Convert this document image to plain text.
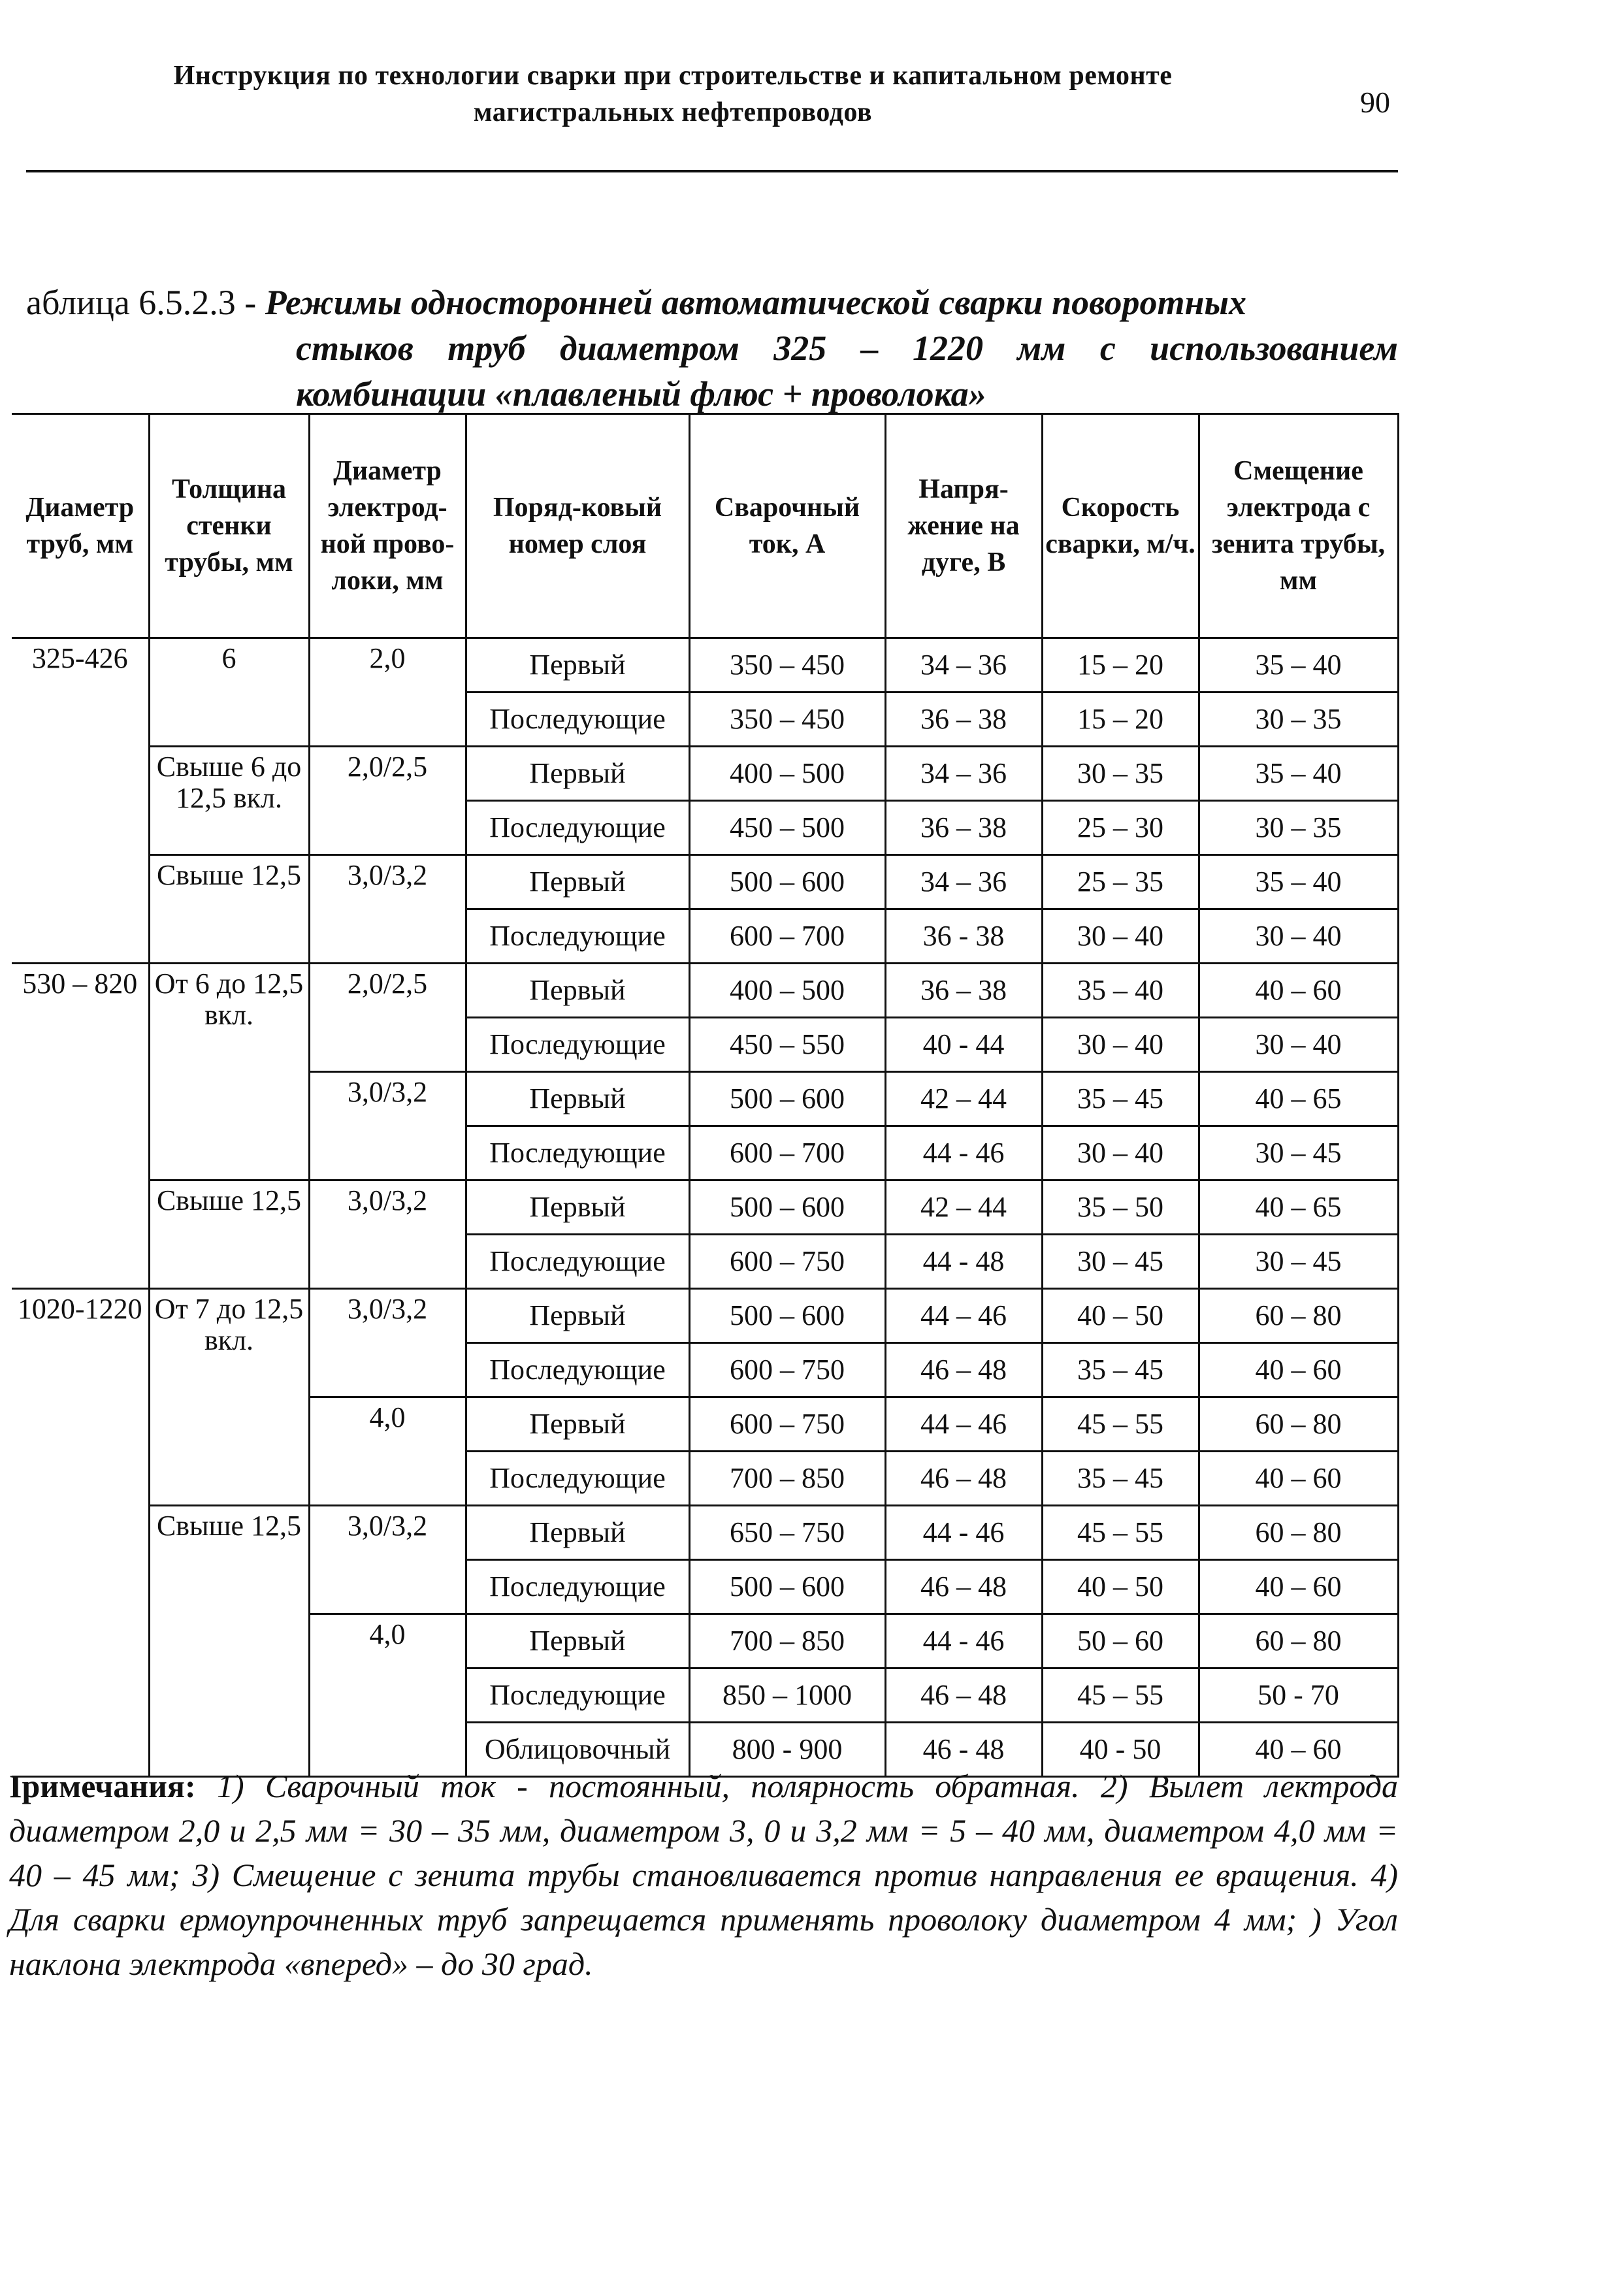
Инструкция по технологии сварки при строительстве и капитальном ремонте
магистральных нефтепроводов	90
аблица 6.5.2.3 - Режимы односторонней автоматической сварки поворотных
стыков труб диаметром 325 – 1220 мм с использованием
комбинации «плавленый флюс + проволока»
Диаметр труб, мм	Толщина стенки трубы, мм	Диаметр электрод-ной прово-локи, мм	Поряд-ковый номер слоя	Сварочный ток, А	Напря-жение на дуге, В	Скорость сварки, м/ч.	Смещение электрода с зенита трубы, мм
325-426	6	2,0	Первый	350 – 450	34 – 36	15 – 20	35 – 40
			Последующие	350 – 450	36 – 38	15 – 20	30 – 35
	Свыше 6 до 12,5 вкл.	2,0/2,5	Первый	400 – 500	34 – 36	30 – 35	35 – 40
			Последующие	450 – 500	36 – 38	25 – 30	30 – 35
	Свыше 12,5	3,0/3,2	Первый	500 – 600	34 – 36	25 – 35	35 – 40
			Последующие	600 – 700	36 - 38	30 – 40	30 – 40
530 – 820	От 6 до 12,5 вкл.	2,0/2,5	Первый	400 – 500	36 – 38	35 – 40	40 – 60
			Последующие	450 – 550	40 - 44	30 – 40	30 – 40
		3,0/3,2	Первый	500 – 600	42 – 44	35 – 45	40 – 65
			Последующие	600 – 700	44 - 46	30 – 40	30 – 45
	Свыше 12,5	3,0/3,2	Первый	500 – 600	42 – 44	35 – 50	40 – 65
			Последующие	600 – 750	44 - 48	30 – 45	30 – 45
1020-1220	От 7 до 12,5 вкл.	3,0/3,2	Первый	500 – 600	44 – 46	40 – 50	60 – 80
			Последующие	600 – 750	46 – 48	35 – 45	40 – 60
		4,0	Первый	600 – 750	44 – 46	45 – 55	60 – 80
			Последующие	700 – 850	46 – 48	35 – 45	40 – 60
	Свыше 12,5	3,0/3,2	Первый	650 – 750	44 - 46	45 – 55	60 – 80
			Последующие	500 – 600	46 – 48	40 – 50	40 – 60
		4,0	Первый	700 – 850	44 - 46	50 – 60	60 – 80
			Последующие	850 – 1000	46 – 48	45 – 55	50 - 70
			Облицовочный	800 - 900	46 - 48	40 - 50	40 – 60
Iримечания: 1) Сварочный ток - постоянный, полярность обратная. 2) Вылет лектрода диаметром 2,0 и 2,5 мм = 30 – 35 мм, диаметром 3, 0 и 3,2 мм = 5 – 40 мм, диаметром 4,0 мм = 40 – 45 мм; 3) Смещение с зенита трубы становливается против направления ее вращения. 4) Для сварки ермоупрочненных труб запрещается применять проволоку диаметром 4 мм; ) Угол наклона электрода «вперед» – до 30 град.
